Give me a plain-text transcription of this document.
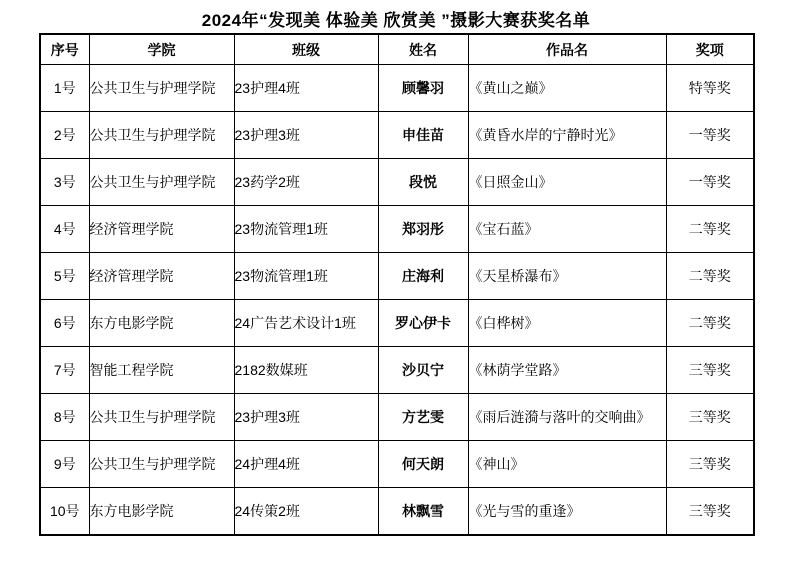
2024年“发现美 体验美 欣赏美 ”摄影大赛获奖名单
序号	学院	班级	姓名	作品名	奖项
1号	公共卫生与护理学院	23护理4班	顾馨羽	《黄山之巅》	特等奖
2号	公共卫生与护理学院	23护理3班	申佳苗	《黄昏水岸的宁静时光》	一等奖
3号	公共卫生与护理学院	23药学2班	段悦	《日照金山》	一等奖
4号	经济管理学院	23物流管理1班	郑羽彤	《宝石蓝》	二等奖
5号	经济管理学院	23物流管理1班	庄海利	《天星桥瀑布》	二等奖
6号	东方电影学院	24广告艺术设计1班	罗心伊卡	《白桦树》	二等奖
7号	智能工程学院	2182数媒班	沙贝宁	《林荫学堂路》	三等奖
8号	公共卫生与护理学院	23护理3班	方艺雯	《雨后涟漪与落叶的交响曲》	三等奖
9号	公共卫生与护理学院	24护理4班	何天朗	《神山》	三等奖
10号	东方电影学院	24传策2班	林飘雪	《光与雪的重逢》	三等奖
